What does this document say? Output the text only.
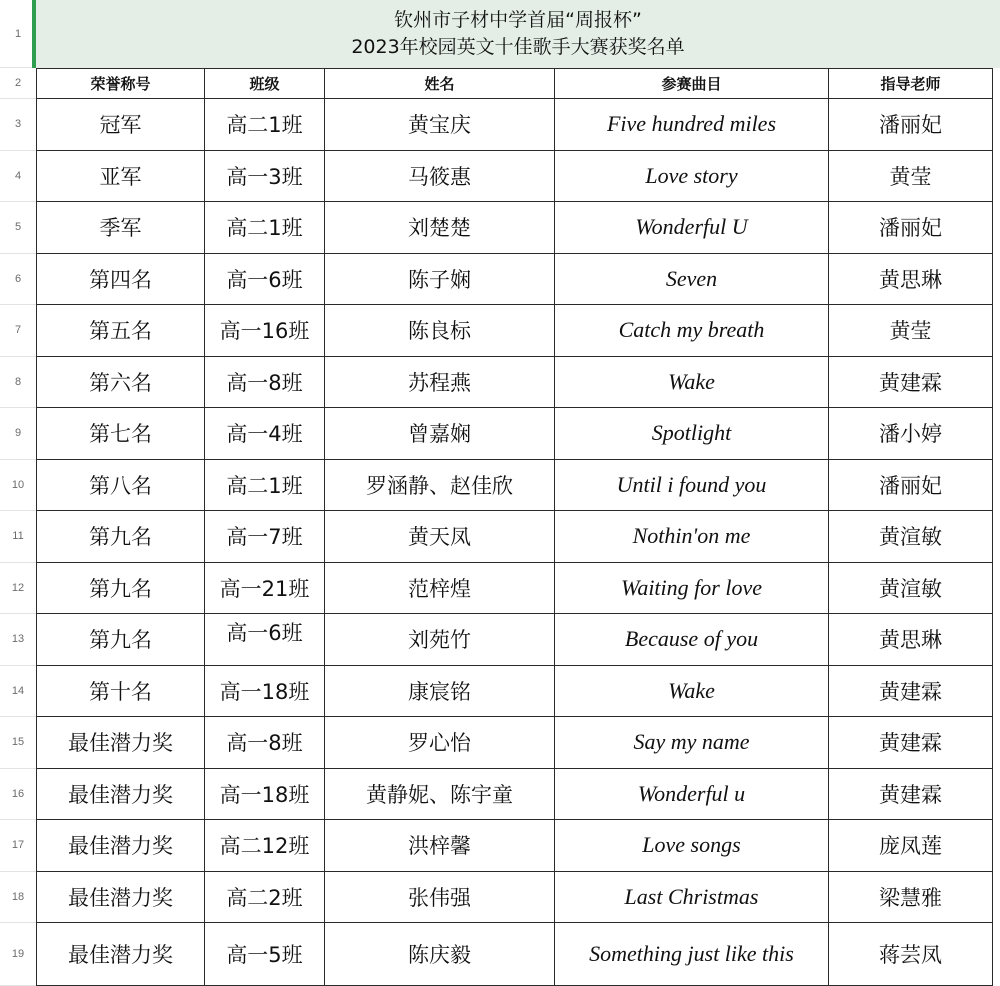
1
2
3
4
5
6
7
8
9
10
11
12
13
14
15
16
17
18
19
钦州市子材中学首届“周报杯”
2023年校园英文十佳歌手大赛获奖名单
荣誉称号	班级	姓名	参赛曲目	指导老师
冠军	高二1班	黄宝庆	Five hundred miles	潘丽妃
亚军	高一3班	马筱惠	Love story	黄莹
季军	高二1班	刘楚楚	Wonderful U	潘丽妃
第四名	高一6班	陈子娴	Seven	黄思琳
第五名	高一16班	陈良标	Catch my breath	黄莹
第六名	高一8班	苏程燕	Wake	黄建霖
第七名	高一4班	曾嘉娴	Spotlight	潘小婷
第八名	高二1班	罗涵静、赵佳欣	Until i found you	潘丽妃
第九名	高一7班	黄天凤	Nothin'on me	黄渲敏
第九名	高一21班	范梓煌	Waiting for love	黄渲敏
第九名	高一6班	刘苑竹	Because of you	黄思琳
第十名	高一18班	康宸铭	Wake	黄建霖
最佳潜力奖	高一8班	罗心怡	Say my name	黄建霖
最佳潜力奖	高一18班	黄静妮、陈宇童	Wonderful u	黄建霖
最佳潜力奖	高二12班	洪梓馨	Love songs	庞凤莲
最佳潜力奖	高二2班	张伟强	Last Christmas	梁慧雅
最佳潜力奖	高一5班	陈庆毅	Something just like this	蒋芸凤
